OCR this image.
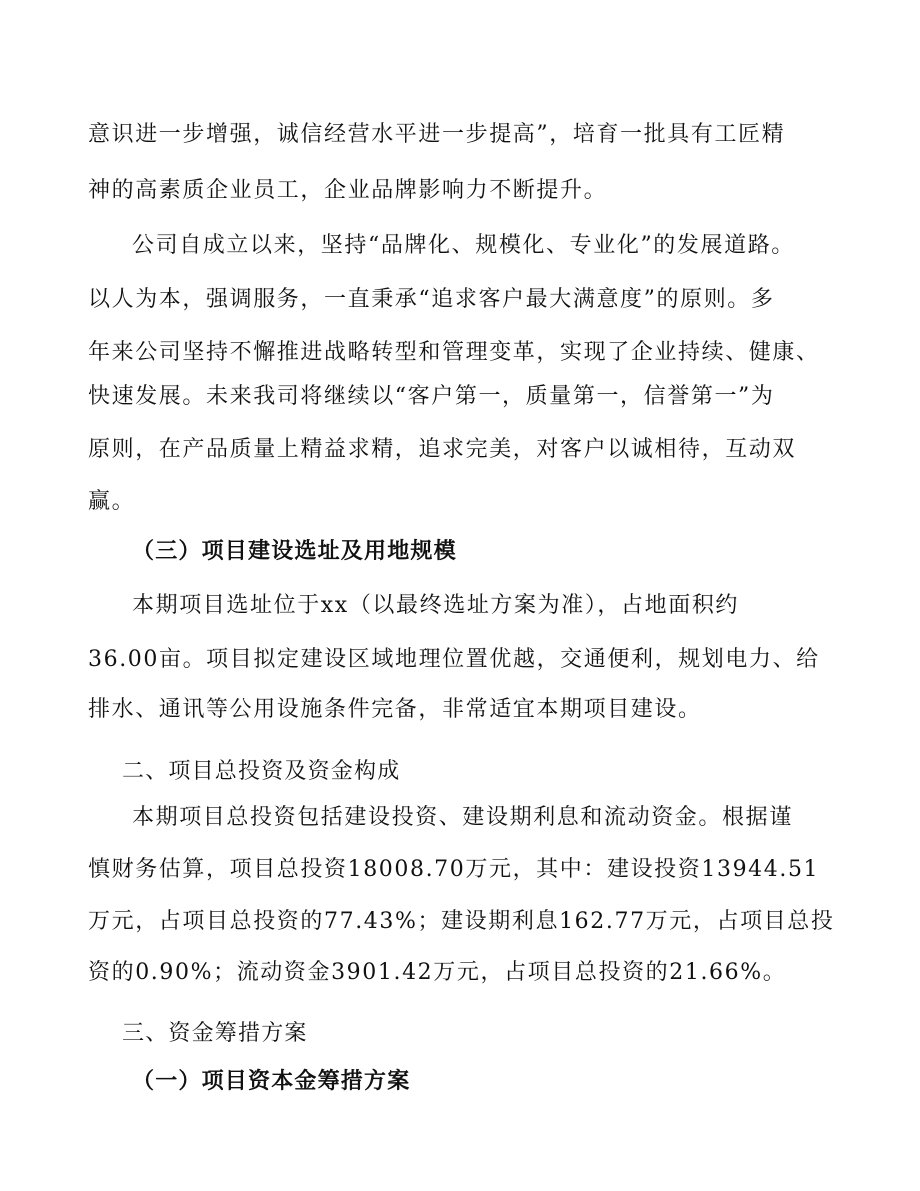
意识进一步增强，诚信经营水平进一步提高”，培育一批具有工匠精
神的高素质企业员工，企业品牌影响力不断提升。
公司自成立以来，坚持“品牌化、规模化、专业化”的发展道路。
以人为本，强调服务，一直秉承“追求客户最大满意度”的原则。多
年来公司坚持不懈推进战略转型和管理变革，实现了企业持续、健康、
快速发展。未来我司将继续以“客户第一，质量第一，信誉第一”为
原则，在产品质量上精益求精，追求完美，对客户以诚相待，互动双
赢。
（三）项目建设选址及用地规模
本期项目选址位于xx（以最终选址方案为准），占地面积约
36.00亩。项目拟定建设区域地理位置优越，交通便利，规划电力、给
排水、通讯等公用设施条件完备，非常适宜本期项目建设。
二、项目总投资及资金构成
本期项目总投资包括建设投资、建设期利息和流动资金。根据谨
慎财务估算，项目总投资18008.70万元，其中：建设投资13944.51
万元，占项目总投资的77.43%；建设期利息162.77万元，占项目总投
资的0.90%；流动资金3901.42万元，占项目总投资的21.66%。
三、资金筹措方案
（一）项目资本金筹措方案
